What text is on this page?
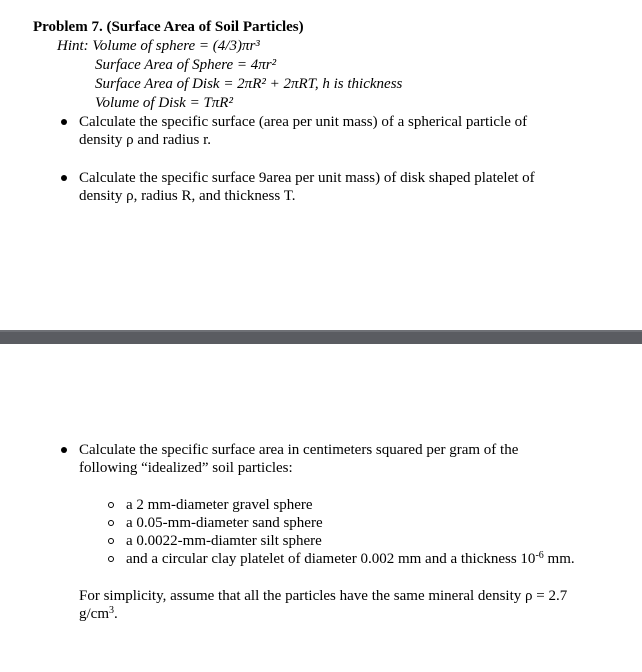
Problem 7. (Surface Area of Soil Particles)
Hint: Volume of sphere = (4/3)πr³
Surface Area of Sphere = 4πr²
Surface Area of Disk = 2πR² + 2πRT, h is thickness
Volume of Disk = TπR²
Calculate the specific surface (area per unit mass) of a spherical particle of
density ρ and radius r.
Calculate the specific surface 9area per unit mass) of disk shaped platelet of
density ρ, radius R, and thickness T.
Calculate the specific surface area in centimeters squared per gram of the
following “idealized” soil particles:
a 2 mm-diameter gravel sphere
a 0.05-mm-diameter sand sphere
a 0.0022-mm-diamter silt sphere
and a circular clay platelet of diameter 0.002 mm and a thickness $10^{-6}$ mm.
For simplicity, assume that all the particles have the same mineral density ρ = 2.7
$g/cm^3$.
